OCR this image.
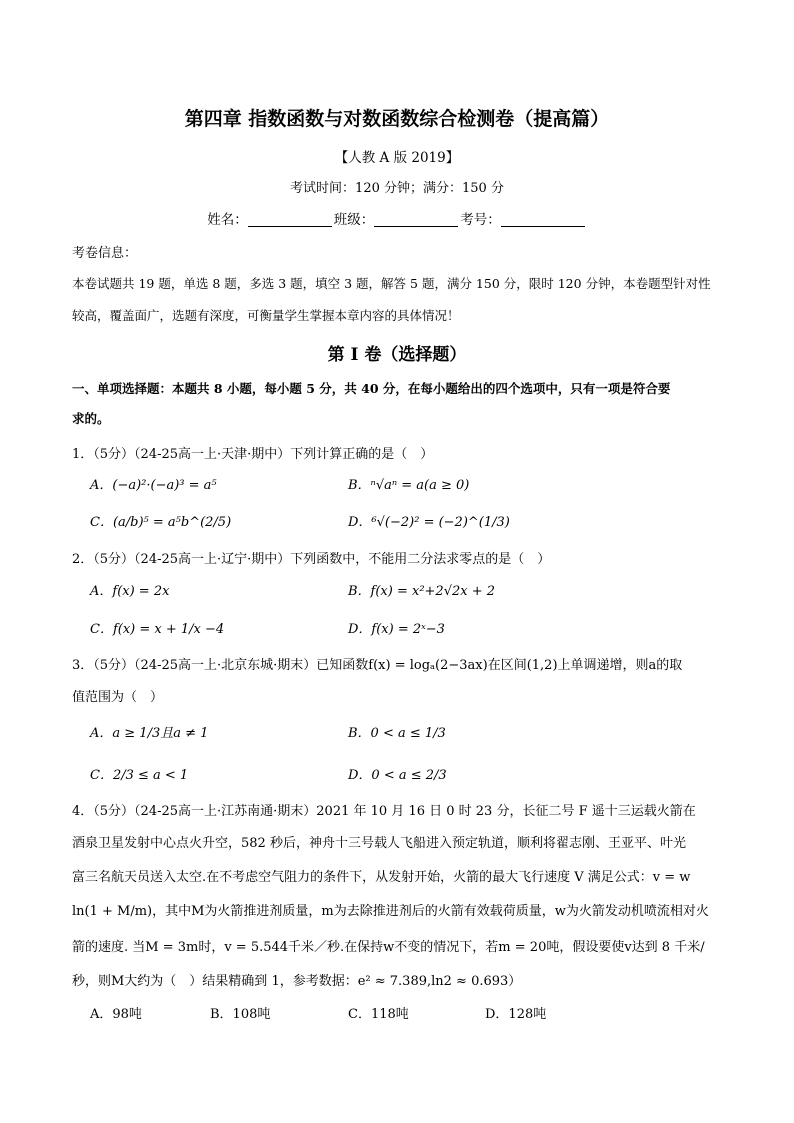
第四章 指数函数与对数函数综合检测卷（提高篇）
【人教 A 版 2019】
考试时间：120 分钟；满分：150 分
姓名：	班级：	考号：
考卷信息：
本卷试题共 19 题，单选 8 题，多选 3 题，填空 3 题，解答 5 题，满分 150 分，限时 120 分钟，本卷题型针对性
较高，覆盖面广，选题有深度，可衡量学生掌握本章内容的具体情况！
第 I 卷（选择题）
一、单项选择题：本题共 8 小题，每小题 5 分，共 40 分，在每小题给出的四个选项中，只有一项是符合要
求的。
1．（5分）（24-25高一上·天津·期中）下列计算正确的是（　）
A．(−a)²·(−a)³ = a⁵	B．ⁿ√aⁿ = a(a ≥ 0)
C．(a/b)⁵ = a⁵b^(2/5)	D．⁶√(−2)² = (−2)^(1/3)
2．（5分）（24-25高一上·辽宁·期中）下列函数中，不能用二分法求零点的是（　）
A．f(x) = 2x	B．f(x) = x²+2√2x + 2
C．f(x) = x + 1/x −4	D．f(x) = 2ˣ−3
3．（5分）（24-25高一上·北京东城·期末）已知函数f(x) = logₐ(2−3ax)在区间(1,2)上单调递增，则a的取
值范围为（　）
A．a ≥ 1/3且a ≠ 1	B．0 < a ≤ 1/3
C．2/3 ≤ a < 1	D．0 < a ≤ 2/3
4．（5分）（24-25高一上·江苏南通·期末）2021 年 10 月 16 日 0 时 23 分，长征二号 F 遥十三运载火箭在
酒泉卫星发射中心点火升空，582 秒后，神舟十三号载人飞船进入预定轨道，顺利将翟志刚、王亚平、叶光
富三名航天员送入太空.在不考虑空气阻力的条件下，从发射开始，火箭的最大飞行速度 V 满足公式：v = w
ln(1 + M/m)，其中M为火箭推进剂质量，m为去除推进剂后的火箭有效载荷质量，w为火箭发动机喷流相对火
箭的速度. 当M = 3m时，v = 5.544千米／秒.在保持w不变的情况下，若m = 20吨，假设要使v达到 8 千米/
秒，则M大约为（　）结果精确到 1，参考数据：e² ≈ 7.389,ln2 ≈ 0.693）
A．98吨	B．108吨	C．118吨	D．128吨
